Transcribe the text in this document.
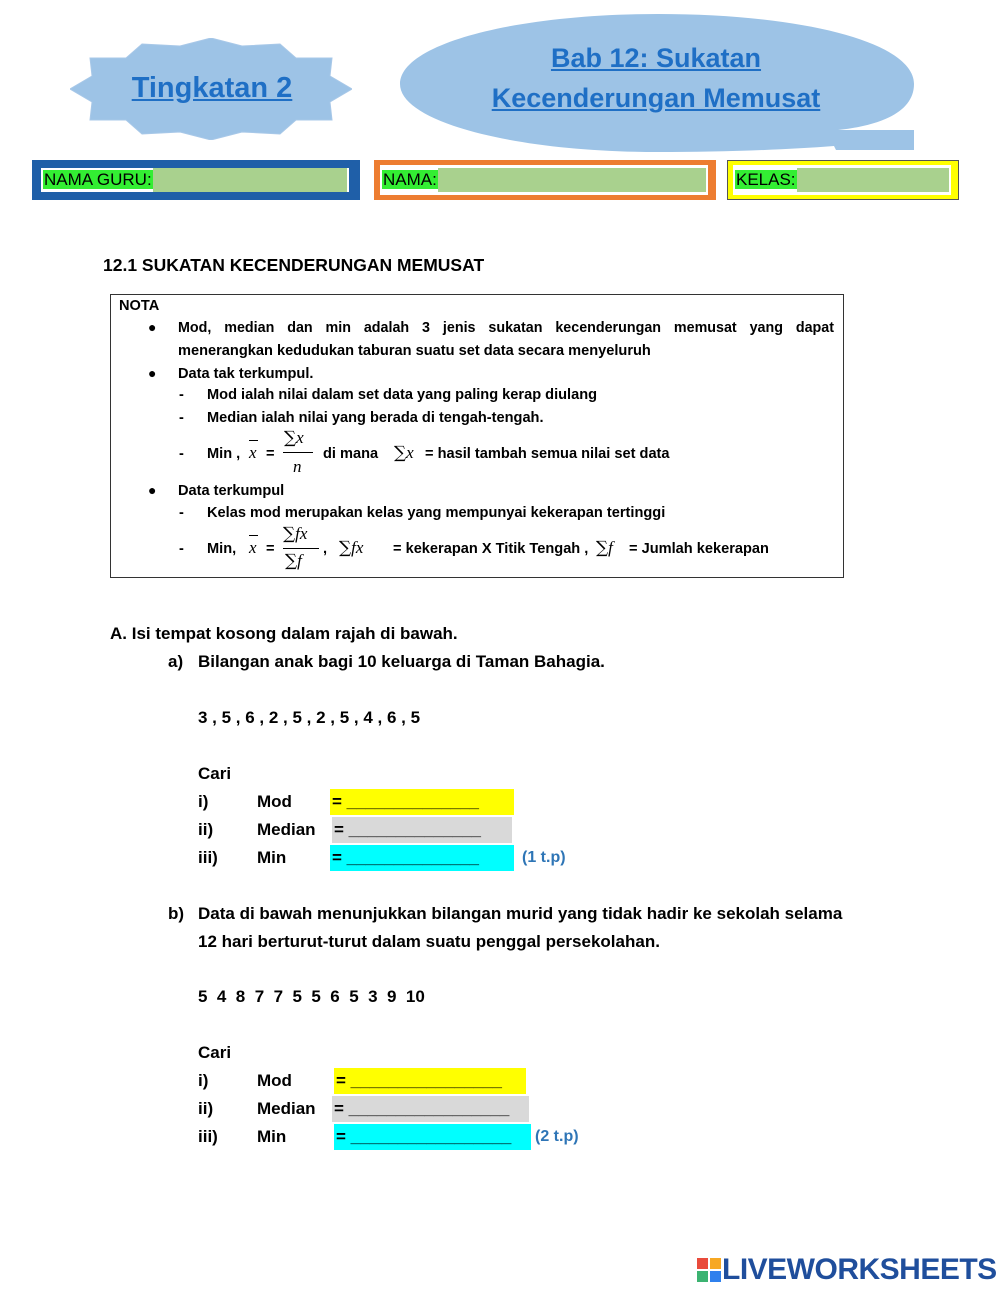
Tingkatan 2
Bab 12: Sukatan
Kecenderungan Memusat
NAMA GURU:	NAMA:	KELAS:
12.1 SUKATAN KECENDERUNGAN MEMUSAT
NOTA
● Mod, median dan min adalah 3 jenis sukatan kecenderungan memusat yang dapat
menerangkan kedudukan taburan suatu set data secara menyeluruh
● Data tak terkumpul.
- Mod ialah nilai dalam set data yang paling kerap diulang
- Median ialah nilai yang berada di tengah-tengah.
- Min , x =
∑x
n
di mana ∑x = hasil tambah semua nilai set data
● Data terkumpul
- Kelas mod merupakan kelas yang mempunyai kekerapan tertinggi
- Min, x =
∑fx
∑f
, ∑fx = kekerapan X Titik Tengah , ∑f = Jumlah kekerapan
A. Isi tempat kosong dalam rajah di bawah.
a) Bilangan anak bagi 10 keluarga di Taman Bahagia.
3 , 5 , 6 , 2 , 5 , 2 , 5 , 4 , 6 , 5
Cari
i)	Mod = ______________
ii)	Median = ______________
iii) Min	= ______________	(1 t.p)
b) Data di bawah menunjukkan bilangan murid yang tidak hadir ke sekolah selama
12 hari berturut-turut dalam suatu penggal persekolahan.
5  4  8  7  7  5  5  6  5  3  9  10
Cari
i)	Mod	= ________________
ii)	Median = _________________
iii) Min	= _________________	(2 t.p)
LIVEWORKSHEETS
